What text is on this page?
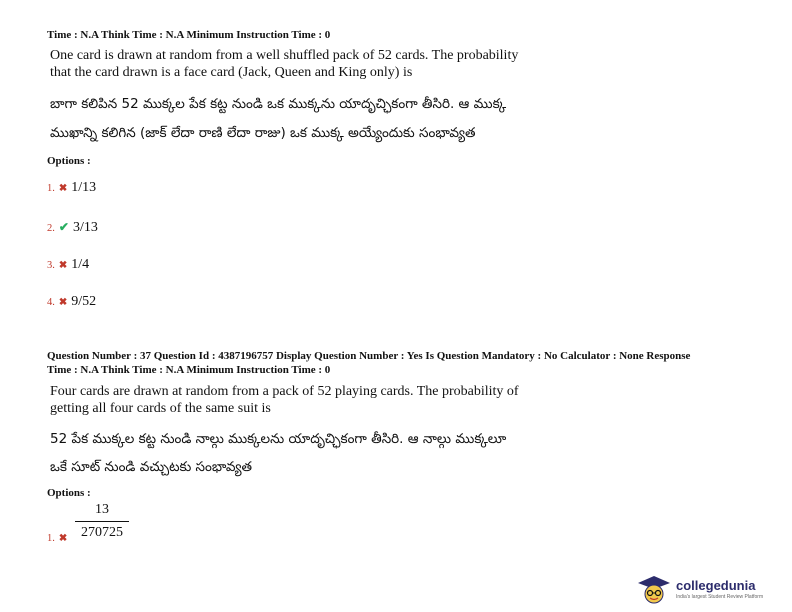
Time : N.A Think Time : N.A Minimum Instruction Time : 0
One card is drawn at random from a well shuffled pack of 52 cards. The probability
that the card drawn is a face card (Jack, Queen and King only) is
బాగా కలిపిన 52 ముక్కల పేక కట్ట నుండి ఒక ముక్కను యాదృచ్ఛికంగా తీసిరి. ఆ ముక్క
ముఖాన్ని కలిగిన (జాక్ లేదా రాణి లేదా రాజు) ఒక ముక్క అయ్యేందుకు సంభావ్యత
Options :
1. ✖ 1/13
2. ✔ 3/13
3. ✖ 1/4
4. ✖ 9/52
Question Number : 37 Question Id : 4387196757 Display Question Number : Yes Is Question Mandatory : No Calculator : None Response
Time : N.A Think Time : N.A Minimum Instruction Time : 0
Four cards are drawn at random from a pack of 52 playing cards. The probability of
getting all four cards of the same suit is
52 పేక ముక్కల కట్ట నుండి నాల్గు ముక్కలను యాదృచ్ఛికంగా తీసిరి. ఆ నాల్గు ముక్కలూ
ఒకే సూట్ నుండి వచ్చుటకు సంభావ్యత
Options :
1. ✖
13
270725
collegedunia
India's largest Student Review Platform
